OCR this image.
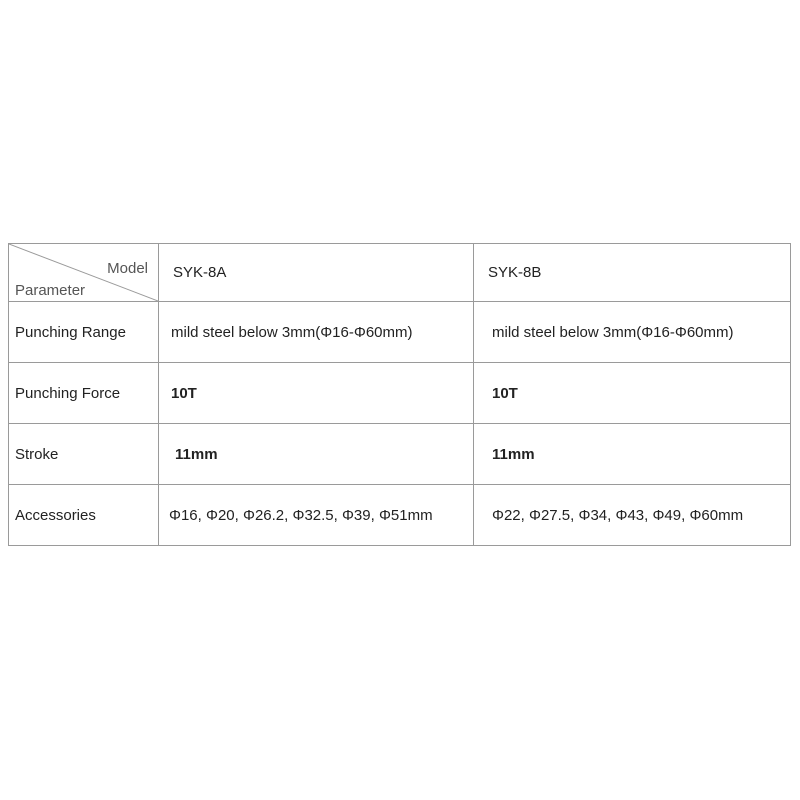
Model
Parameter	SYK-8A	SYK-8B
Punching Range	mild steel below 3mm(Φ16-Φ60mm)	mild steel below 3mm(Φ16-Φ60mm)
Punching Force	10T	10T
Stroke	11mm	11mm
Accessories	Φ16, Φ20, Φ26.2, Φ32.5, Φ39, Φ51mm	Φ22, Φ27.5, Φ34, Φ43, Φ49, Φ60mm
